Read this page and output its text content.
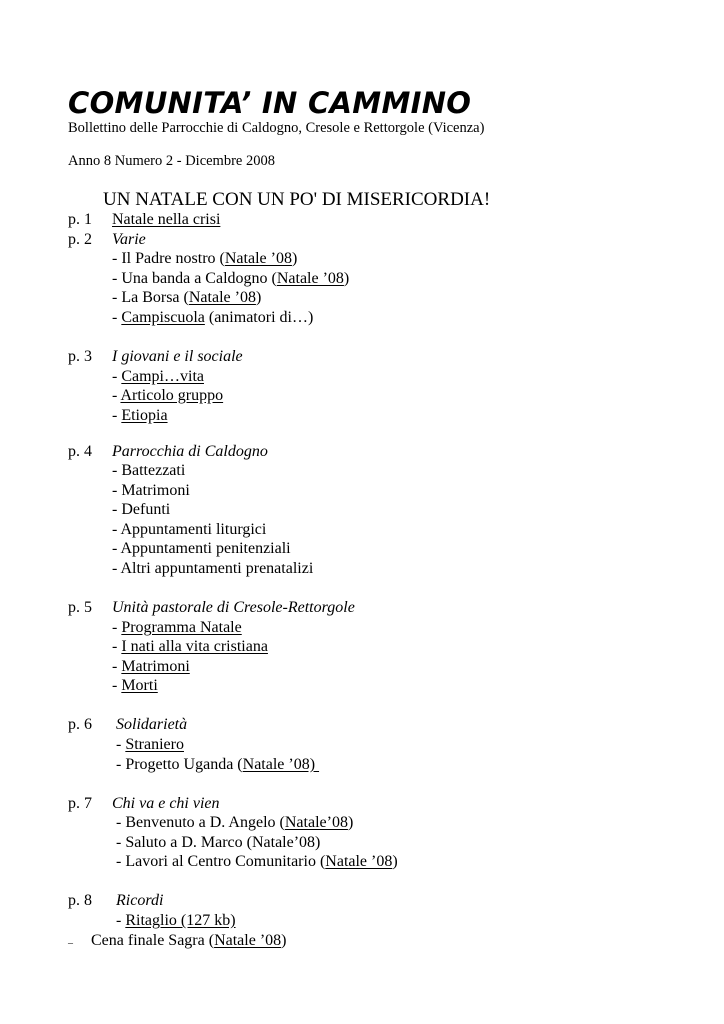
COMUNITA’ IN CAMMINO
Bollettino delle Parrocchie di Caldogno, Cresole e Rettorgole (Vicenza)
Anno 8 Numero 2 - Dicembre 2008
UN NATALE CON UN PO' DI MISERICORDIA!
p. 1 Natale nella crisi
p. 2 Varie
- Il Padre nostro (Natale ’08)
- Una banda a Caldogno (Natale ’08)
- La Borsa (Natale ’08)
- Campiscuola (animatori di…)
p. 3 I giovani e il sociale
- Campi…vita
- Articolo gruppo
- Etiopia
p. 4 Parrocchia di Caldogno
- Battezzati
- Matrimoni
- Defunti
- Appuntamenti liturgici
- Appuntamenti penitenziali
- Altri appuntamenti prenatalizi
p. 5 Unità pastorale di Cresole-Rettorgole
- Programma Natale
- I nati alla vita cristiana
- Matrimoni
- Morti
p. 6 Solidarietà
- Straniero
- Progetto Uganda (Natale ’08)
p. 7 Chi va e chi vien
- Benvenuto a D. Angelo (Natale’08)
- Saluto a D. Marco (Natale’08)
- Lavori al Centro Comunitario (Natale ’08)
p. 8 Ricordi
- Ritaglio (127 kb)
– Cena finale Sagra (Natale ’08)
